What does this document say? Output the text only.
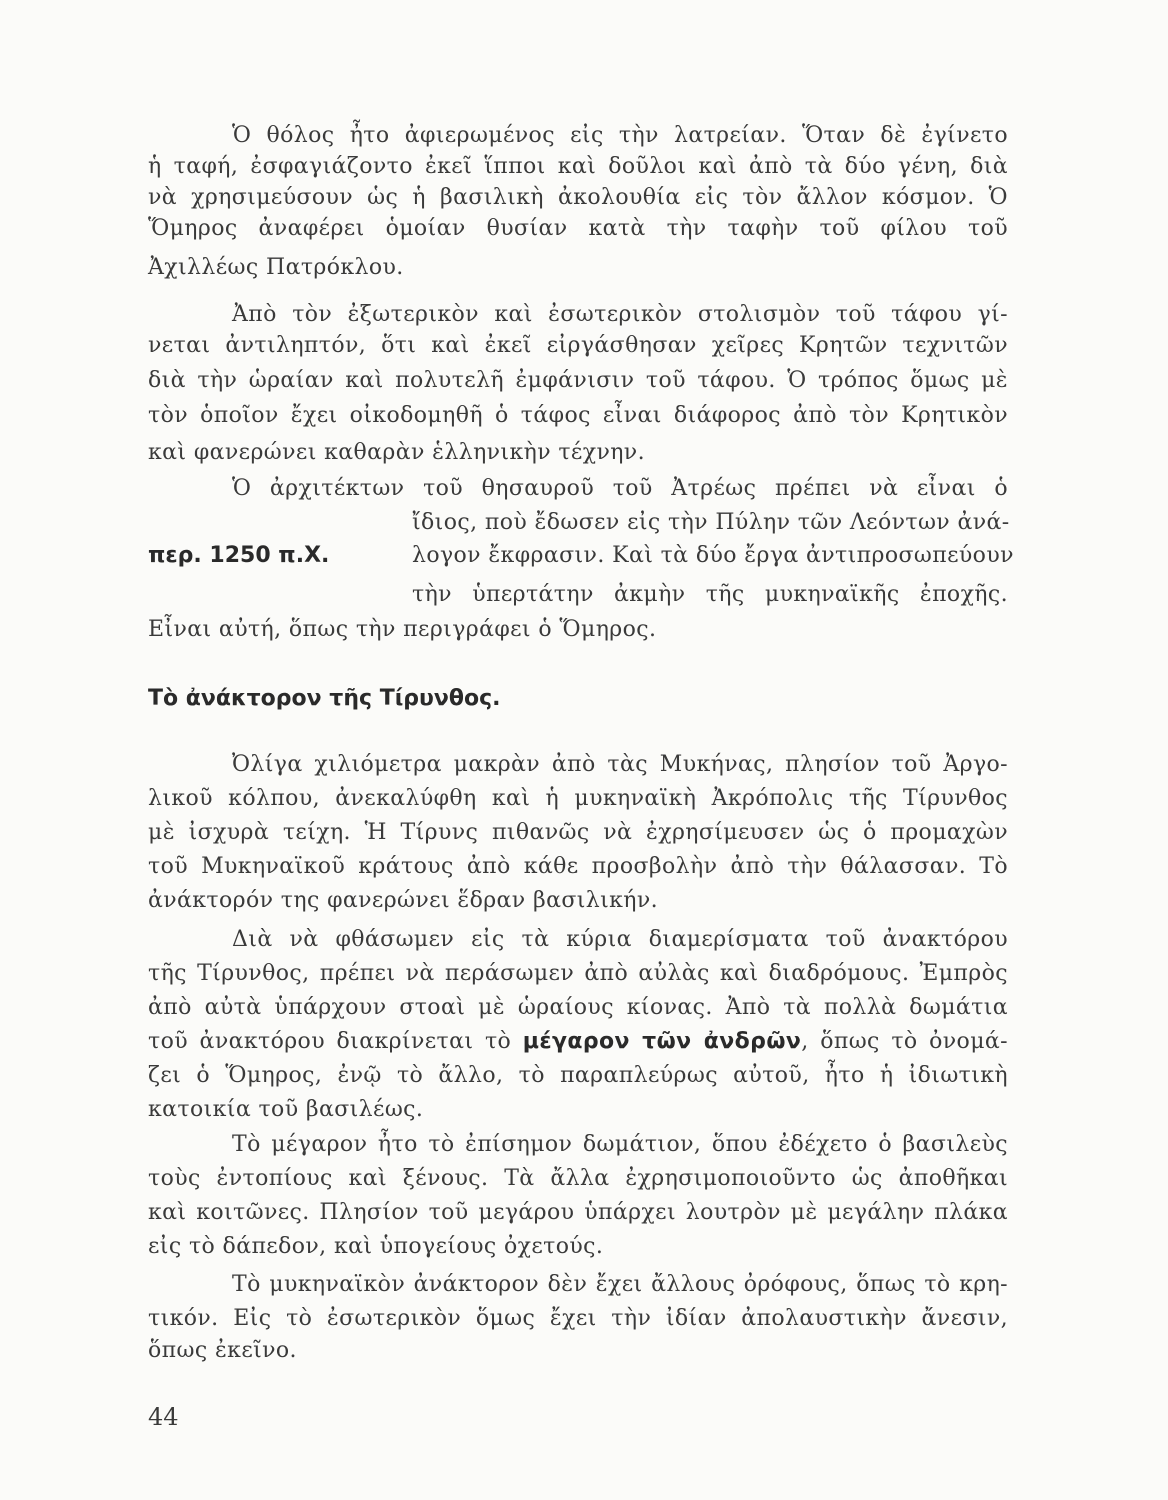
Ὁ θόλος ἦτο ἀφιερωμένος εἰς τὴν λατρείαν. Ὅταν δὲ ἐγίνετο
ἡ ταφή, ἐσφαγιάζοντο ἐκεῖ ἵπποι καὶ δοῦλοι καὶ ἀπὸ τὰ δύο γένη, διὰ
νὰ χρησιμεύσουν ὡς ἡ βασιλικὴ ἀκολουθία εἰς τὸν ἄλλον κόσμον. Ὁ
Ὅμηρος ἀναφέρει ὁμοίαν θυσίαν κατὰ τὴν ταφὴν τοῦ φίλου τοῦ
Ἀχιλλέως Πατρόκλου.
Ἀπὸ τὸν ἐξωτερικὸν καὶ ἐσωτερικὸν στολισμὸν τοῦ τάφου γί-
νεται ἀντιληπτόν, ὅτι καὶ ἐκεῖ εἰργάσθησαν χεῖρες Κρητῶν τεχνιτῶν
διὰ τὴν ὡραίαν καὶ πολυτελῆ ἐμφάνισιν τοῦ τάφου. Ὁ τρόπος ὅμως μὲ
τὸν ὁποῖον ἔχει οἰκοδομηθῆ ὁ τάφος εἶναι διάφορος ἀπὸ τὸν Κρητικὸν
καὶ φανερώνει καθαρὰν ἑλληνικὴν τέχνην.
Ὁ ἀρχιτέκτων τοῦ θησαυροῦ τοῦ Ἀτρέως πρέπει νὰ εἶναι ὁ
ἴδιος, ποὺ ἔδωσεν εἰς τὴν Πύλην τῶν Λεόντων ἀνά-
περ. 1250 π.Χ.	λογον ἔκφρασιν. Καὶ τὰ δύο ἔργα ἀντιπροσωπεύουν
τὴν ὑπερτάτην ἀκμὴν τῆς μυκηναϊκῆς ἐποχῆς.
Εἶναι αὐτή, ὅπως τὴν περιγράφει ὁ Ὅμηρος.
Τὸ ἀνάκτορον τῆς Τίρυνθος.
Ὀλίγα χιλιόμετρα μακρὰν ἀπὸ τὰς Μυκήνας, πλησίον τοῦ Ἀργο-
λικοῦ κόλπου, ἀνεκαλύφθη καὶ ἡ μυκηναϊκὴ Ἀκρόπολις τῆς Τίρυνθος
μὲ ἰσχυρὰ τείχη. Ἡ Τίρυνς πιθανῶς νὰ ἐχρησίμευσεν ὡς ὁ προμαχὼν
τοῦ Μυκηναϊκοῦ κράτους ἀπὸ κάθε προσβολὴν ἀπὸ τὴν θάλασσαν. Τὸ
ἀνάκτορόν της φανερώνει ἕδραν βασιλικήν.
Διὰ νὰ φθάσωμεν εἰς τὰ κύρια διαμερίσματα τοῦ ἀνακτόρου
τῆς Τίρυνθος, πρέπει νὰ περάσωμεν ἀπὸ αὐλὰς καὶ διαδρόμους. Ἐμπρὸς
ἀπὸ αὐτὰ ὑπάρχουν στοαὶ μὲ ὡραίους κίονας. Ἀπὸ τὰ πολλὰ δωμάτια
τοῦ ἀνακτόρου διακρίνεται τὸ μέγαρον τῶν ἀνδρῶν, ὅπως τὸ ὀνομά-
ζει ὁ Ὅμηρος, ἐνῷ τὸ ἄλλο, τὸ παραπλεύρως αὐτοῦ, ἦτο ἡ ἰδιωτικὴ
κατοικία τοῦ βασιλέως.
Τὸ μέγαρον ἦτο τὸ ἐπίσημον δωμάτιον, ὅπου ἐδέχετο ὁ βασιλεὺς
τοὺς ἐντοπίους καὶ ξένους. Τὰ ἄλλα ἐχρησιμοποιοῦντο ὡς ἀποθῆκαι
καὶ κοιτῶνες. Πλησίον τοῦ μεγάρου ὑπάρχει λουτρὸν μὲ μεγάλην πλάκα
εἰς τὸ δάπεδον, καὶ ὑπογείους ὀχετούς.
Τὸ μυκηναϊκὸν ἀνάκτορον δὲν ἔχει ἄλλους ὀρόφους, ὅπως τὸ κρη-
τικόν. Εἰς τὸ ἐσωτερικὸν ὅμως ἔχει τὴν ἰδίαν ἀπολαυστικὴν ἄνεσιν,
ὅπως ἐκεῖνο.
44
